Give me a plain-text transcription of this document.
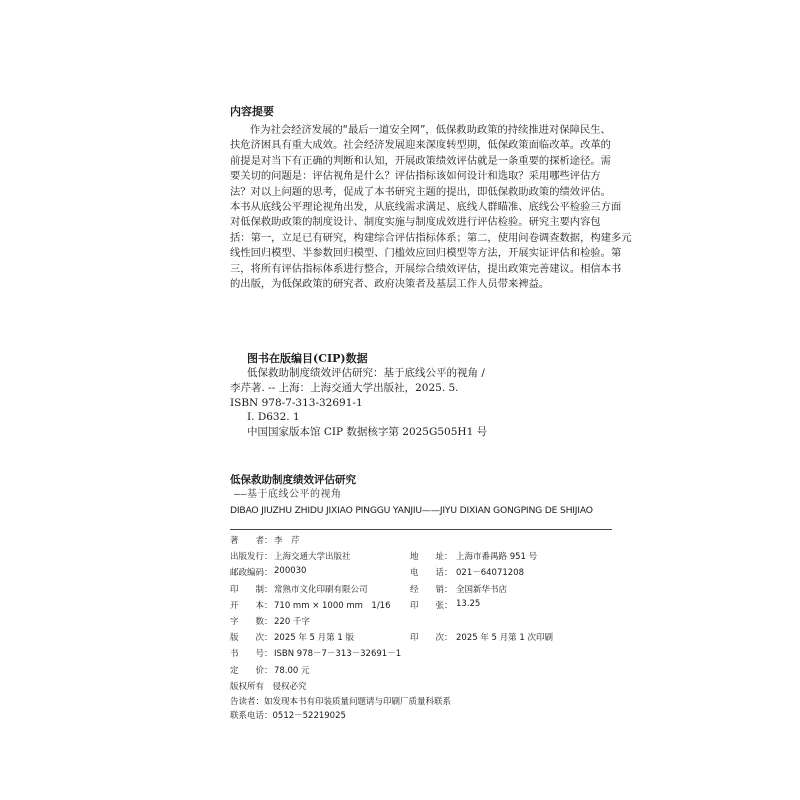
内容提要
作为社会经济发展的“最后一道安全网”，低保救助政策的持续推进对保障民生、
扶危济困具有重大成效。社会经济发展迎来深度转型期，低保政策面临改革。改革的
前提是对当下有正确的判断和认知，开展政策绩效评估就是一条重要的探析途径。需
要关切的问题是：评估视角是什么？评估指标该如何设计和选取？采用哪些评估方
法？对以上问题的思考，促成了本书研究主题的提出，即低保救助政策的绩效评估。
本书从底线公平理论视角出发，从底线需求满足、底线人群瞄准、底线公平检验三方面
对低保救助政策的制度设计、制度实施与制度成效进行评估检验。研究主要内容包
括：第一，立足已有研究，构建综合评估指标体系；第二，使用问卷调查数据，构建多元
线性回归模型、半参数回归模型、门槛效应回归模型等方法，开展实证评估和检验。第
三，将所有评估指标体系进行整合，开展综合绩效评估，提出政策完善建议。相信本书
的出版，为低保政策的研究者、政府决策者及基层工作人员带来裨益。
图书在版编目(CIP)数据
低保救助制度绩效评估研究：基于底线公平的视角 /
李芹著. -- 上海：上海交通大学出版社，2025. 5.
ISBN 978-7-313-32691-1
Ⅰ. D632. 1
中国国家版本馆 CIP 数据核字第 2025G505H1 号
低保救助制度绩效评估研究
——基于底线公平的视角
DIBAO JIUZHU ZHIDU JIXIAO PINGGU YANJIU——JIYU DIXIAN GONGPING DE SHIJIAO
著　　者： 李　芹
出版发行： 上海交通大学出版社	地　　址： 上海市番禺路 951 号
邮政编码： 200030	电　　话： 021－64071208
印　　制： 常熟市文化印刷有限公司	经　　销： 全国新华书店
开　　本： 710 mm × 1000 mm　1/16 印　　张： 13.25
字　　数： 220 千字
版　　次： 2025 年 5 月第 1 版	印　　次： 2025 年 5 月第 1 次印刷
书　　号： ISBN 978－7－313－32691－1
定　　价： 78.00 元
版权所有　侵权必究
告读者：如发现本书有印装质量问题请与印刷厂质量科联系
联系电话：0512－52219025
